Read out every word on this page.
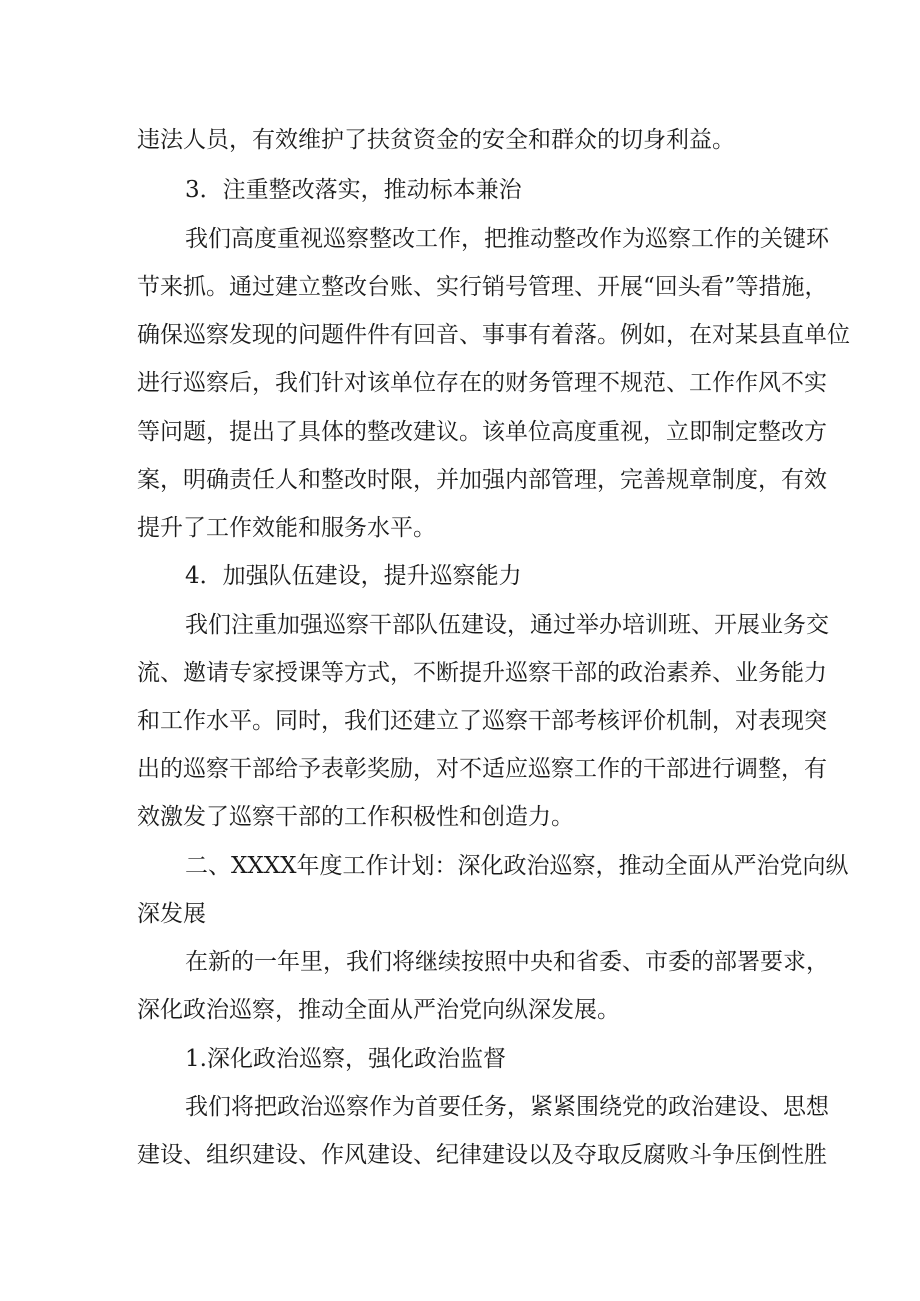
违法人员，有效维护了扶贫资金的安全和群众的切身利益。
3．注重整改落实，推动标本兼治
我们高度重视巡察整改工作，把推动整改作为巡察工作的关键环
节来抓。通过建立整改台账、实行销号管理、开展“回头看”等措施，
确保巡察发现的问题件件有回音、事事有着落。例如，在对某县直单位
进行巡察后，我们针对该单位存在的财务管理不规范、工作作风不实
等问题，提出了具体的整改建议。该单位高度重视，立即制定整改方
案，明确责任人和整改时限，并加强内部管理，完善规章制度，有效
提升了工作效能和服务水平。
4．加强队伍建设，提升巡察能力
我们注重加强巡察干部队伍建设，通过举办培训班、开展业务交
流、邀请专家授课等方式，不断提升巡察干部的政治素养、业务能力
和工作水平。同时，我们还建立了巡察干部考核评价机制，对表现突
出的巡察干部给予表彰奖励，对不适应巡察工作的干部进行调整，有
效激发了巡察干部的工作积极性和创造力。
二、XXXX年度工作计划：深化政治巡察，推动全面从严治党向纵
深发展
在新的一年里，我们将继续按照中央和省委、市委的部署要求，
深化政治巡察，推动全面从严治党向纵深发展。
1.深化政治巡察，强化政治监督
我们将把政治巡察作为首要任务，紧紧围绕党的政治建设、思想
建设、组织建设、作风建设、纪律建设以及夺取反腐败斗争压倒性胜
